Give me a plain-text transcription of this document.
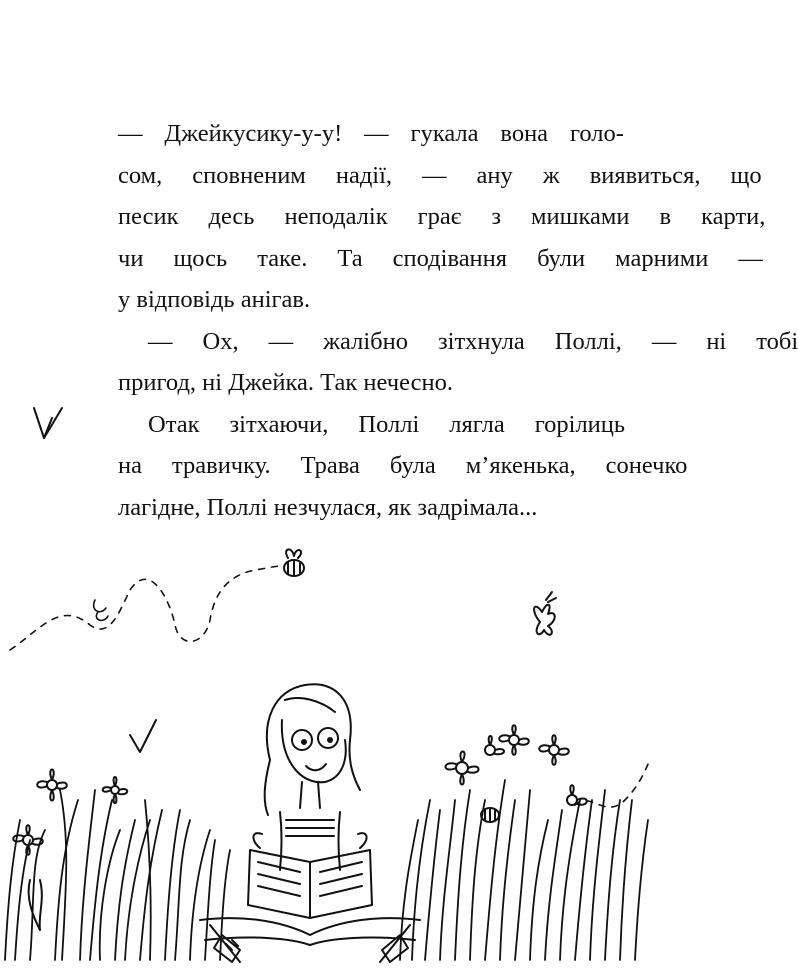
— Джейкусику-у-у! — гукала вона голо-
сом,	сповненим	надії,	—	ану	ж	виявиться,	що
песик	десь	неподалік	грає	з	мишками	в	карти,
чи	щось	таке.	Та	сподівання	були	марними	—
у відповідь анігав.

—	Ох,	—	жалібно	зітхнула	Поллі,	—	ні	тобі
пригод, ні Джейка. Так нечесно.

Отак	зітхаючи,	Поллі	лягла	горілиць
на	травичку.	Трава	була	м’якенька,	сонечко
лагідне, Поллі незчулася, як задрімала...
